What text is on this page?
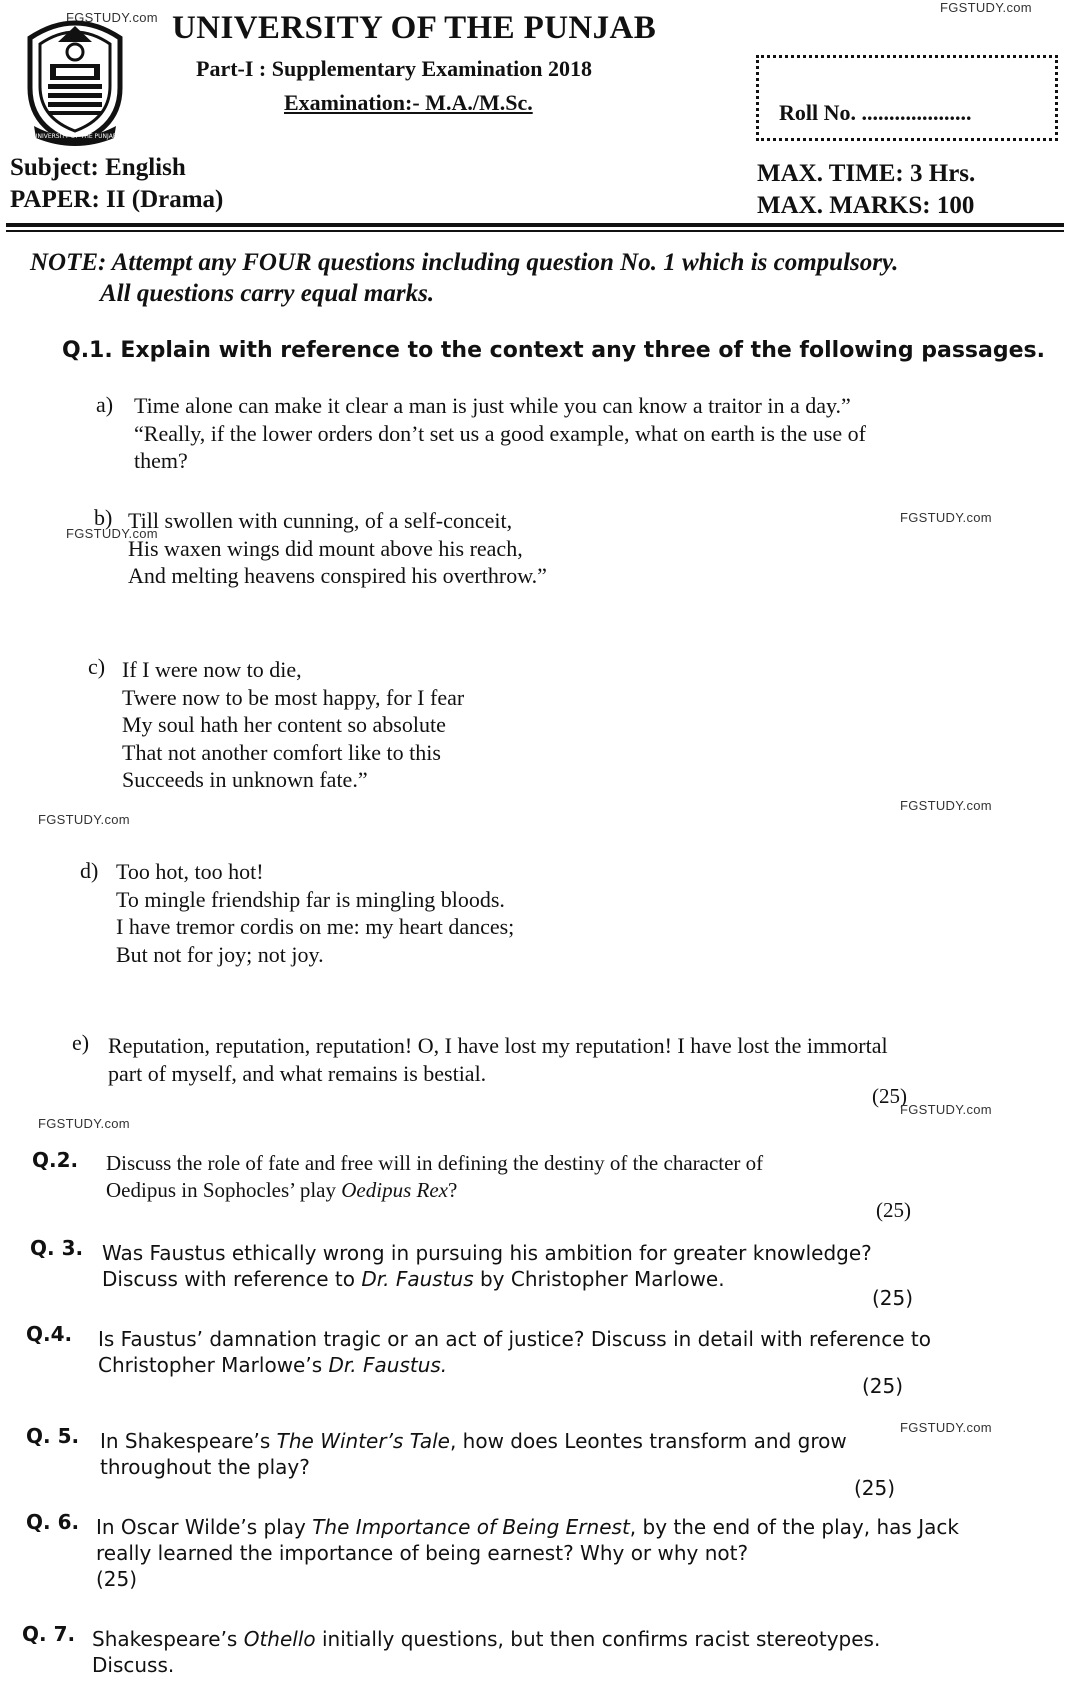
FGSTUDY.com
FGSTUDY.com
UNIVERSITY OF THE PUNJAB
UNIVERSITY OF THE PUNJAB
Part-I : Supplementary Examination 2018
Examination:- M.A./M.Sc.	Roll No. ....................
Subject: English
PAPER: II (Drama)
MAX. TIME: 3 Hrs.
MAX. MARKS: 100
NOTE: Attempt any FOUR questions including question No. 1 which is compulsory.
All questions carry equal marks.
Q.1. Explain with reference to the context any three of the following passages.
a) Time alone can make it clear a man is just while you can know a traitor in a day.”
“Really, if the lower orders don’t set us a good example, what on earth is the use of
them?
b) Till swollen with cunning, of a self-conceit,
His waxen wings did mount above his reach,
And melting heavens conspired his overthrow.”
FGSTUDY.com
FGSTUDY.com
c) If I were now to die,
Twere now to be most happy, for I fear
My soul hath her content so absolute
That not another comfort like to this
Succeeds in unknown fate.”
FGSTUDY.com
FGSTUDY.com
d) Too hot, too hot!
To mingle friendship far is mingling bloods.
I have tremor cordis on me: my heart dances;
But not for joy; not joy.
e) Reputation, reputation, reputation! O, I have lost my reputation! I have lost the immortal
part of myself, and what remains is bestial.
(25)
FGSTUDY.com
FGSTUDY.com
Q.2. Discuss the role of fate and free will in defining the destiny of the character of
Oedipus in Sophocles’ play Oedipus Rex?
(25)
Q. 3. Was Faustus ethically wrong in pursuing his ambition for greater knowledge?
Discuss with reference to Dr. Faustus by Christopher Marlowe.
(25)
Q.4. Is Faustus’ damnation tragic or an act of justice? Discuss in detail with reference to
Christopher Marlowe’s Dr. Faustus.
(25)
Q. 5. In Shakespeare’s The Winter’s Tale, how does Leontes transform and grow
throughout the play?
FGSTUDY.com
(25)
Q. 6. In Oscar Wilde’s play The Importance of Being Ernest, by the end of the play, has Jack
really learned the importance of being earnest? Why or why not?
(25)
Q. 7. Shakespeare’s Othello initially questions, but then confirms racist stereotypes.
Discuss.
